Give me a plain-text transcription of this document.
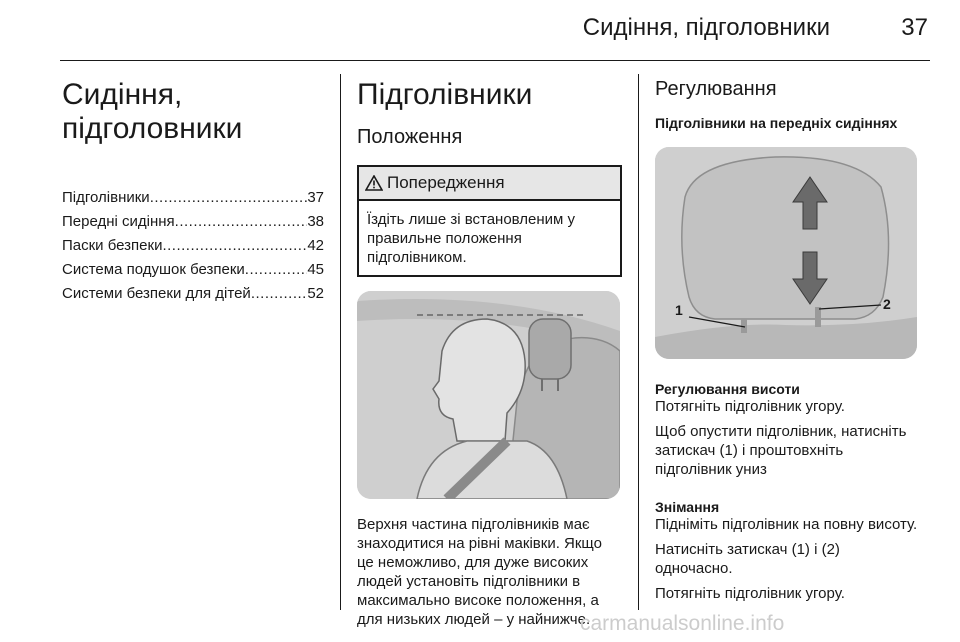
Сидіння, підголовники	37
Сидіння,
підголовники
Підголівники .....	37
Передні сидіння .....	38
Паски безпеки .....	42
Система подушок безпеки .....	45
Системи безпеки для дітей .....	52
Підголівники
Положення
Попередження
Їздіть лише зі встановленим у правильне положення підголівником.

Верхня частина підголівників має знаходитися на рівні маківки. Якщо це неможливо, для дуже високих людей установіть підголівники в максимально високе положення, а для низьких людей – у найнижче.

Регулювання
Підголівники на передніх сидіннях
1	2
Регулювання висоти

Потягніть підголівник угору.

Щоб опустити підголівник, натисніть затискач (1) і проштовхніть підголівник униз

Знімання

Підніміть підголівник на повну висоту.

Натисніть затискач (1) і (2) одночасно.

Потягніть підголівник угору.

carmanualsonline.info
